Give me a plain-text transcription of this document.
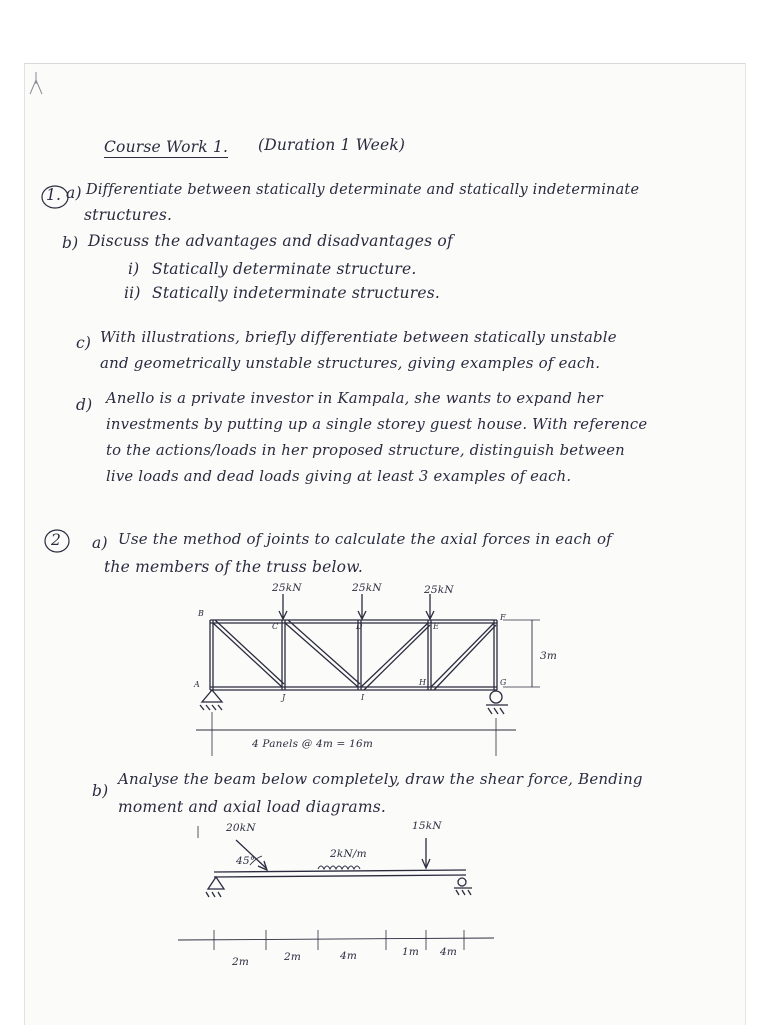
Course Work 1. (Duration 1 Week)
1. a) Differentiate between statically determinate and statically indeterminate
structures.
b) Discuss the advantages and disadvantages of
i) Statically determinate structure.
ii) Statically indeterminate structures.
c) With illustrations, briefly differentiate between statically unstable
and geometrically unstable structures, giving examples of each.
d) Anello is a private investor in Kampala, she wants to expand her
investments by putting up a single storey guest house. With reference
to the actions/loads in her proposed structure, distinguish between
live loads and dead loads giving at least 3 examples of each.
2 a) Use the method of joints to calculate the axial forces in each of
the members of the truss below.
25kN	25kN	25kN
3m
4 Panels @ 4m = 16m
B
C	D	E
F
A
J	I
H	G
b)
Analyse the beam below completely, draw the shear force, Bending
moment and axial load diagrams.
20kN
45°
2kN/m
15kN
2m	2m	4m	1m 4m
